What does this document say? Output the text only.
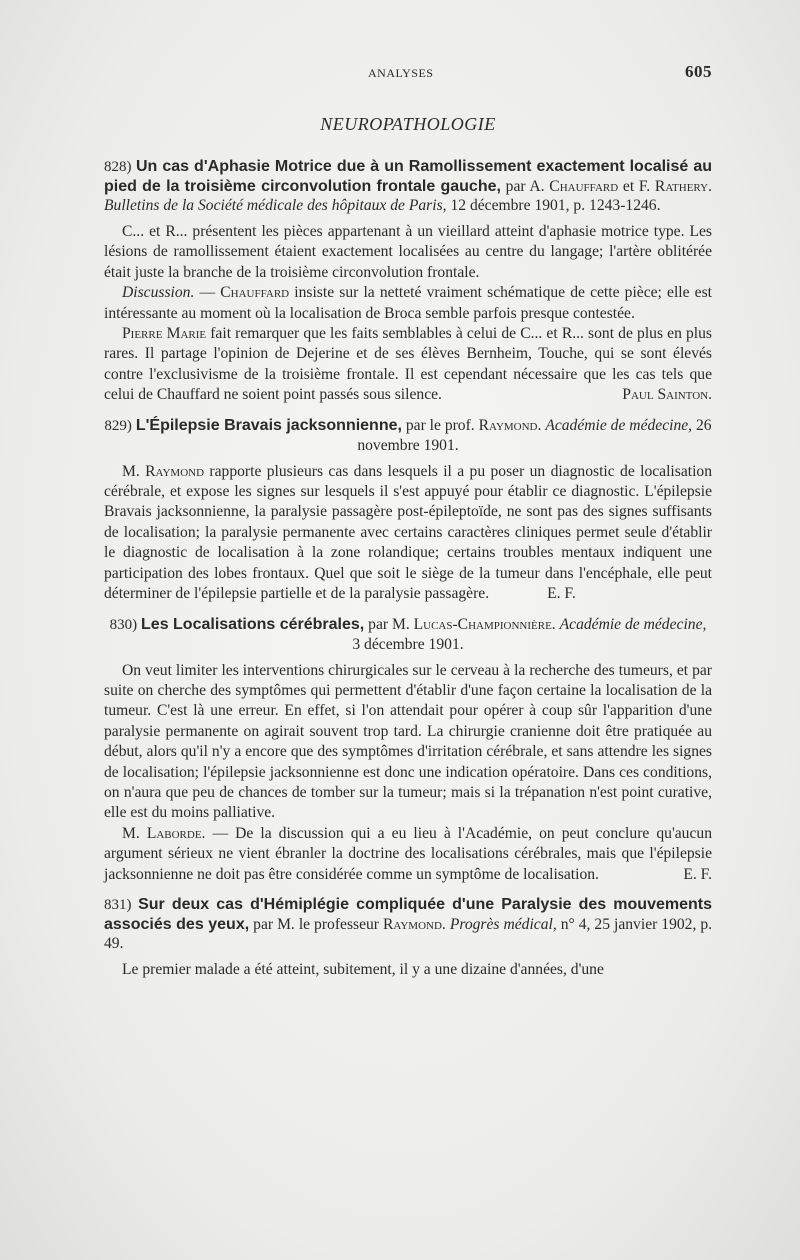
ANALYSES	605
NEUROPATHOLOGIE

828) Un cas d'Aphasie Motrice due à un Ramollissement exactement localisé au pied de la troisième circonvolution frontale gauche, par A. Chauffard et F. Rathery. Bulletins de la Société médicale des hôpitaux de Paris, 12 décembre 1901, p. 1243-1246.

C... et R... présentent les pièces appartenant à un vieillard atteint d'aphasie motrice type. Les lésions de ramollissement étaient exactement localisées au centre du langage; l'artère oblitérée était juste la branche de la troisième circonvolution frontale.

Discussion. — Chauffard insiste sur la netteté vraiment schématique de cette pièce; elle est intéressante au moment où la localisation de Broca semble parfois presque contestée.

Pierre Marie fait remarquer que les faits semblables à celui de C... et R... sont de plus en plus rares. Il partage l'opinion de Dejerine et de ses élèves Bernheim, Touche, qui se sont élevés contre l'exclusivisme de la troisième frontale. Il est cependant nécessaire que les cas tels que celui de Chauffard ne soient point passés sous silence.	Paul Sainton.

829) L'Épilepsie Bravais jacksonnienne, par le prof. Raymond. Académie de médecine, 26 novembre 1901.

M. Raymond rapporte plusieurs cas dans lesquels il a pu poser un diagnostic de localisation cérébrale, et expose les signes sur lesquels il s'est appuyé pour établir ce diagnostic. L'épilepsie Bravais jacksonnienne, la paralysie passagère post-épileptoïde, ne sont pas des signes suffisants de localisation; la paralysie permanente avec certains caractères cliniques permet seule d'établir le diagnostic de localisation à la zone rolandique; certains troubles mentaux indiquent une participation des lobes frontaux. Quel que soit le siège de la tumeur dans l'encéphale, elle peut déterminer de l'épilepsie partielle et de la paralysie passagère.	E. F.

830) Les Localisations cérébrales, par M. Lucas-Championnière. Académie de médecine, 3 décembre 1901.

On veut limiter les interventions chirurgicales sur le cerveau à la recherche des tumeurs, et par suite on cherche des symptômes qui permettent d'établir d'une façon certaine la localisation de la tumeur. C'est là une erreur. En effet, si l'on attendait pour opérer à coup sûr l'apparition d'une paralysie permanente on agirait souvent trop tard. La chirurgie cranienne doit être pratiquée au début, alors qu'il n'y a encore que des symptômes d'irritation cérébrale, et sans attendre les signes de localisation; l'épilepsie jacksonnienne est donc une indication opératoire. Dans ces conditions, on n'aura que peu de chances de tomber sur la tumeur; mais si la trépanation n'est point curative, elle est du moins palliative.

M. Laborde. — De la discussion qui a eu lieu à l'Académie, on peut conclure qu'aucun argument sérieux ne vient ébranler la doctrine des localisations cérébrales, mais que l'épilepsie jacksonnienne ne doit pas être considérée comme un symptôme de localisation.	E. F.

831) Sur deux cas d'Hémiplégie compliquée d'une Paralysie des mouvements associés des yeux, par M. le professeur Raymond. Progrès médical, n° 4, 25 janvier 1902, p. 49.

Le premier malade a été atteint, subitement, il y a une dizaine d'années, d'une
